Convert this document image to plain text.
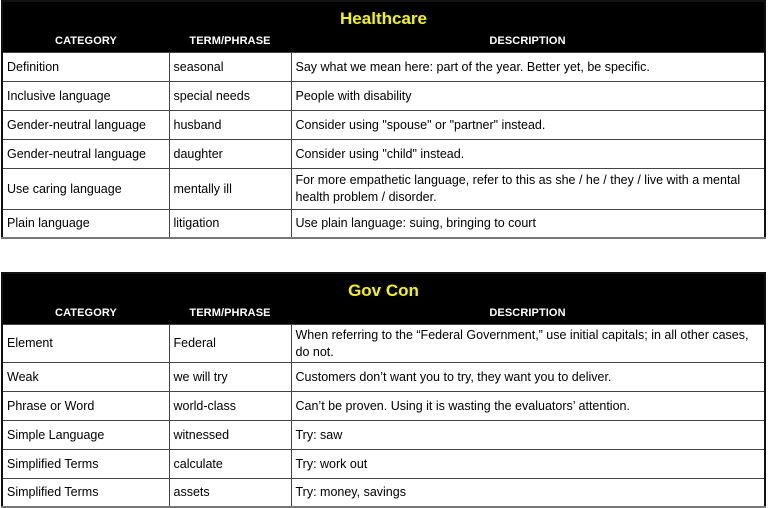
Healthcare		
CATEGORY	TERM/PHRASE	DESCRIPTION
Definition	seasonal	Say what we mean here: part of the year. Better yet, be specific.
Inclusive language	special needs	People with disability
Gender-neutral language	husband	Consider using "spouse" or "partner" instead.
Gender-neutral language	daughter	Consider using "child" instead.
Use caring language	mentally ill	For more empathetic language, refer to this as she / he / they / live with a mental health problem / disorder.
Plain language	litigation	Use plain language: suing, bringing to court
Gov Con		
CATEGORY	TERM/PHRASE	DESCRIPTION
Element	Federal	When referring to the “Federal Government,” use initial capitals; in all other cases, do not.
Weak	we will try	Customers don’t want you to try, they want you to deliver.
Phrase or Word	world-class	Can’t be proven. Using it is wasting the evaluators’ attention.
Simple Language	witnessed	Try: saw
Simplified Terms	calculate	Try: work out
Simplified Terms	assets	Try: money, savings
